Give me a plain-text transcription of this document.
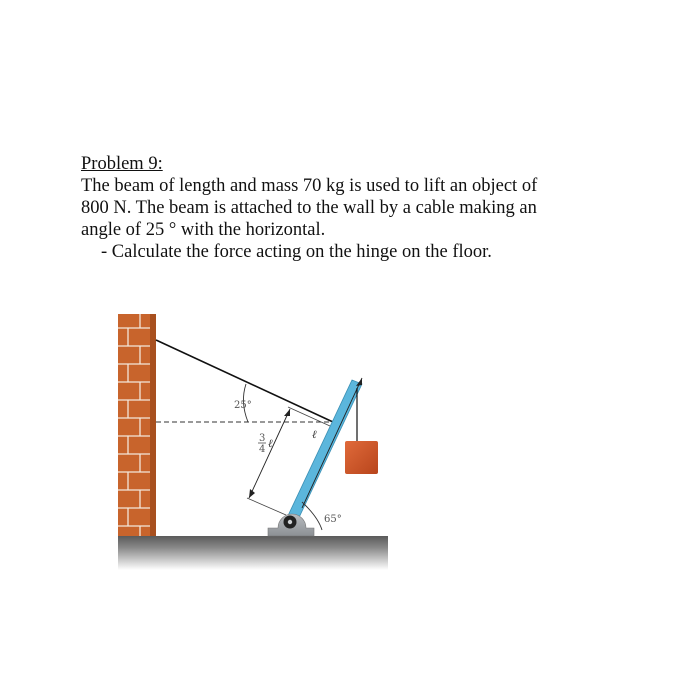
Problem 9:
The beam of length and mass 70 kg is used to lift an object of
800 N. The beam is attached to the wall by a cable making an
angle of 25 ° with the horizontal.
- Calculate the force acting on the hinge on the floor.
25°
ℓ
3
4 ℓ
65°
